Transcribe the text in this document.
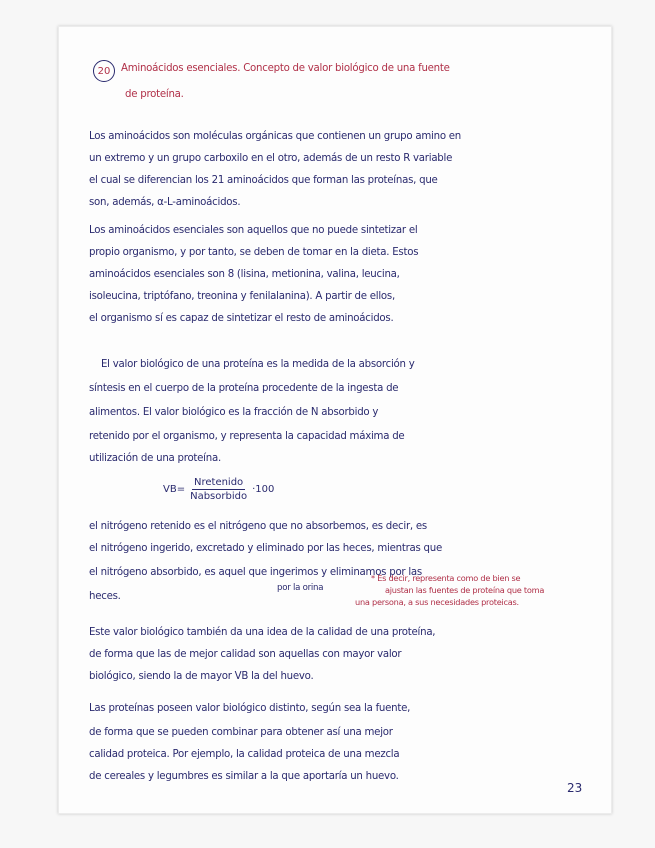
20	Aminoácidos esenciales. Concepto de valor biológico de una fuente
de proteína.
Los aminoácidos son moléculas orgánicas que contienen un grupo amino en
un extremo y un grupo carboxilo en el otro, además de un resto R variable
el cual se diferencian los 21 aminoácidos que forman las proteínas, que
son, además, α-L-aminoácidos.
Los aminoácidos esenciales son aquellos que no puede sintetizar el
propio organismo, y por tanto, se deben de tomar en la dieta. Estos
aminoácidos esenciales son 8 (lisina, metionina, valina, leucina,
isoleucina, triptófano, treonina y fenilalanina). A partir de ellos,
el organismo sí es capaz de sintetizar el resto de aminoácidos.
El valor biológico de una proteína es la medida de la absorción y
síntesis en el cuerpo de la proteína procedente de la ingesta de
alimentos. El valor biológico es la fracción de N absorbido y
retenido por el organismo, y representa la capacidad máxima de
utilización de una proteína.
$VB= \frac{\text{Nretenido}}{\text{Nabsorbido}} \cdot 100$
el nitrógeno retenido es el nitrógeno que no absorbemos, es decir, es
el nitrógeno ingerido, excretado y eliminado por las heces, mientras que
el nitrógeno absorbido, es aquel que ingerimos y eliminamos por las
heces.
por la orina
* Es decir, representa como de bien se
ajustan las fuentes de proteína que toma
una persona, a sus necesidades proteicas.
Este valor biológico también da una idea de la calidad de una proteína,
de forma que las de mejor calidad son aquellas con mayor valor
biológico, siendo la de mayor VB la del huevo.
Las proteínas poseen valor biológico distinto, según sea la fuente,
de forma que se pueden combinar para obtener así una mejor
calidad proteica. Por ejemplo, la calidad proteica de una mezcla
de cereales y legumbres es similar a la que aportaría un huevo.
23
